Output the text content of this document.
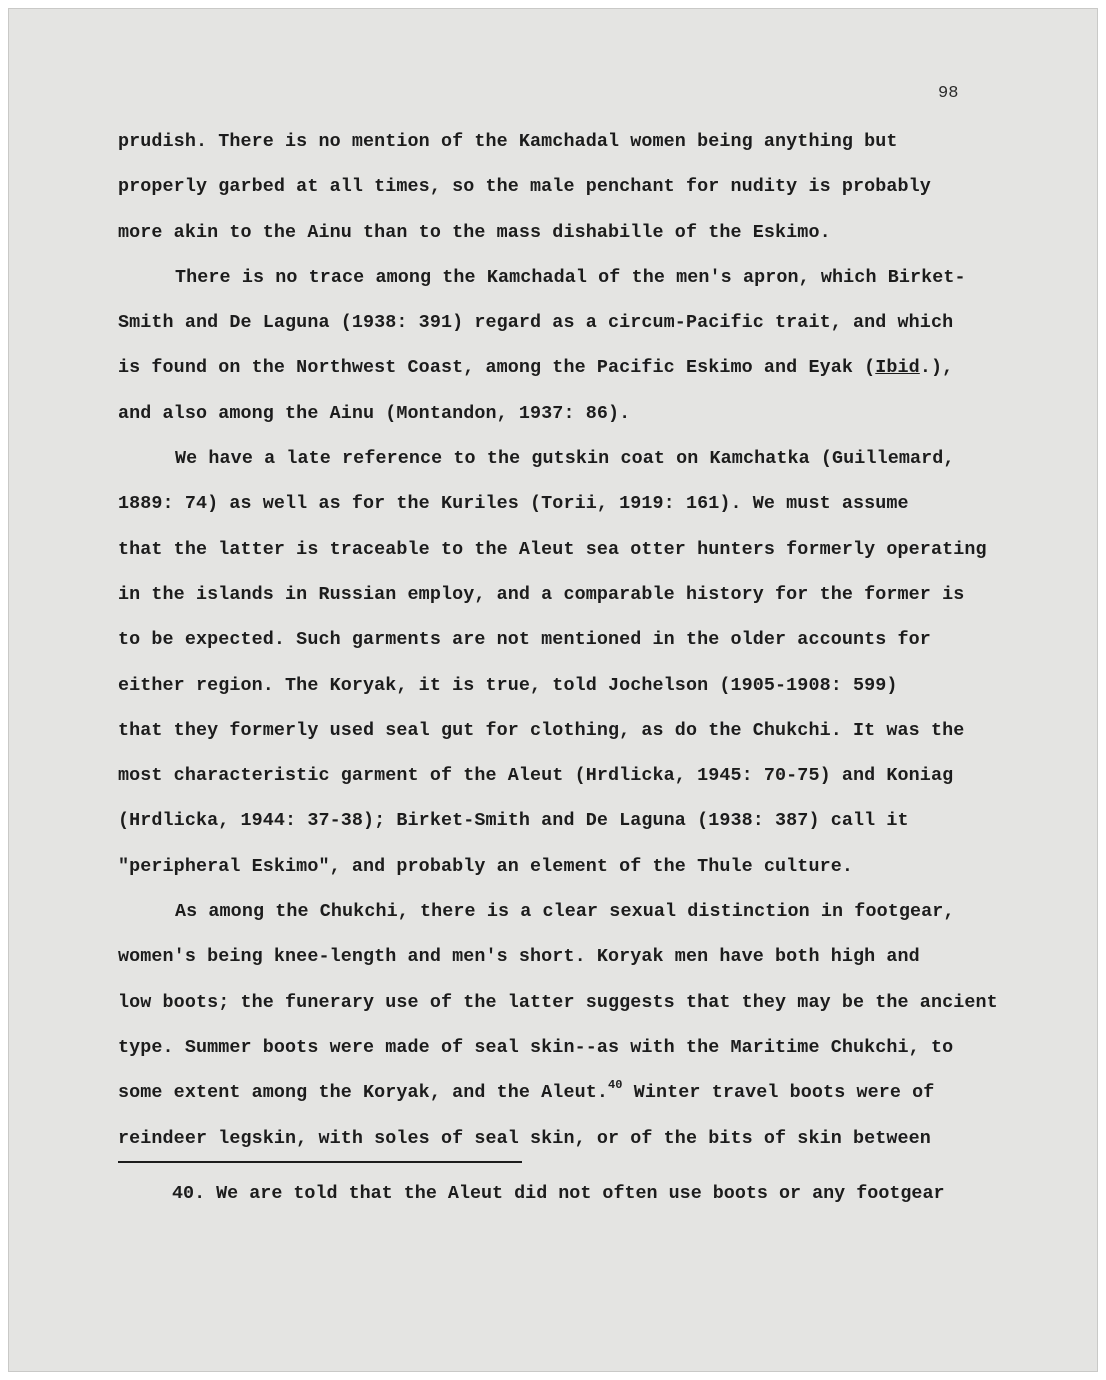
98
prudish. There is no mention of the Kamchadal women being anything but
properly garbed at all times, so the male penchant for nudity is probably
more akin to the Ainu than to the mass dishabille of the Eskimo.
There is no trace among the Kamchadal of the men's apron, which Birket-
Smith and De Laguna (1938: 391) regard as a circum-Pacific trait, and which
is found on the Northwest Coast, among the Pacific Eskimo and Eyak (Ibid.),
and also among the Ainu (Montandon, 1937: 86).
We have a late reference to the gutskin coat on Kamchatka (Guillemard,
1889: 74) as well as for the Kuriles (Torii, 1919: 161). We must assume
that the latter is traceable to the Aleut sea otter hunters formerly operating
in the islands in Russian employ, and a comparable history for the former is
to be expected. Such garments are not mentioned in the older accounts for
either region. The Koryak, it is true, told Jochelson (1905-1908: 599)
that they formerly used seal gut for clothing, as do the Chukchi. It was the
most characteristic garment of the Aleut (Hrdlicka, 1945: 70-75) and Koniag
(Hrdlicka, 1944: 37-38); Birket-Smith and De Laguna (1938: 387) call it
"peripheral Eskimo", and probably an element of the Thule culture.
As among the Chukchi, there is a clear sexual distinction in footgear,
women's being knee-length and men's short. Koryak men have both high and
low boots; the funerary use of the latter suggests that they may be the ancient
type. Summer boots were made of seal skin--as with the Maritime Chukchi, to
some extent among the Koryak, and the Aleut.$^{40}$ Winter travel boots were of
reindeer legskin, with soles of seal skin, or of the bits of skin between
40. We are told that the Aleut did not often use boots or any footgear
